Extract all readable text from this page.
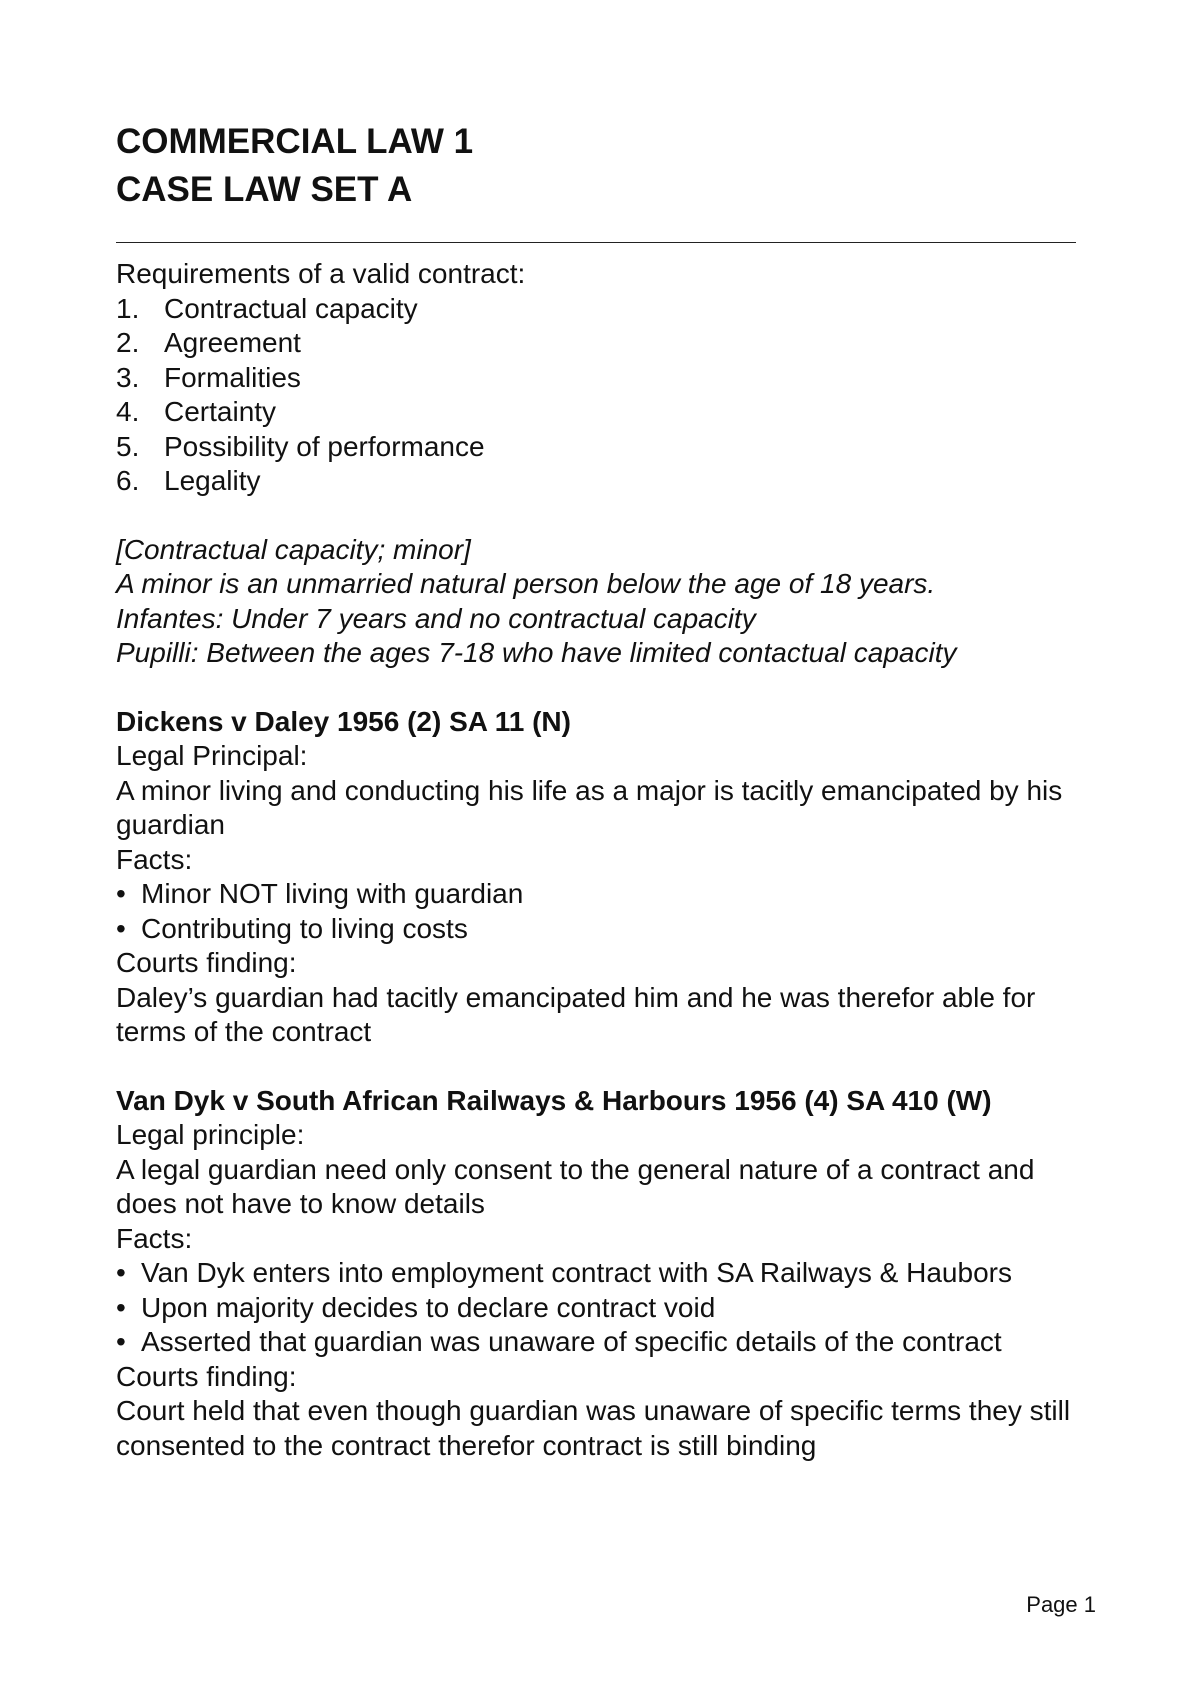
COMMERCIAL LAW 1

CASE LAW SET A

Requirements of a valid contract:

1. Contractual capacity
2. Agreement
3. Formalities
4. Certainty
5. Possibility of performance
6. Legality

[Contractual capacity; minor]

A minor is an unmarried natural person below the age of 18 years.

Infantes: Under 7 years and no contractual capacity

Pupilli: Between the ages 7-18 who have limited contactual capacity

Dickens v Daley 1956 (2) SA 11 (N)

Legal Principal:

A minor living and conducting his life as a major is tacitly emancipated by his guardian

Facts:

• Minor NOT living with guardian
• Contributing to living costs

Courts finding:

Daley’s guardian had tacitly emancipated him and he was therefor able for terms of the contract

Van Dyk v South African Railways & Harbours 1956 (4) SA 410 (W)

Legal principle:

A legal guardian need only consent to the general nature of a contract and does not have to know details

Facts:

• Van Dyk enters into employment contract with SA Railways & Haubors
• Upon majority decides to declare contract void
• Asserted that guardian was unaware of specific details of the contract

Courts finding:

Court held that even though guardian was unaware of specific terms they still consented to the contract therefor contract is still binding

Page 1
